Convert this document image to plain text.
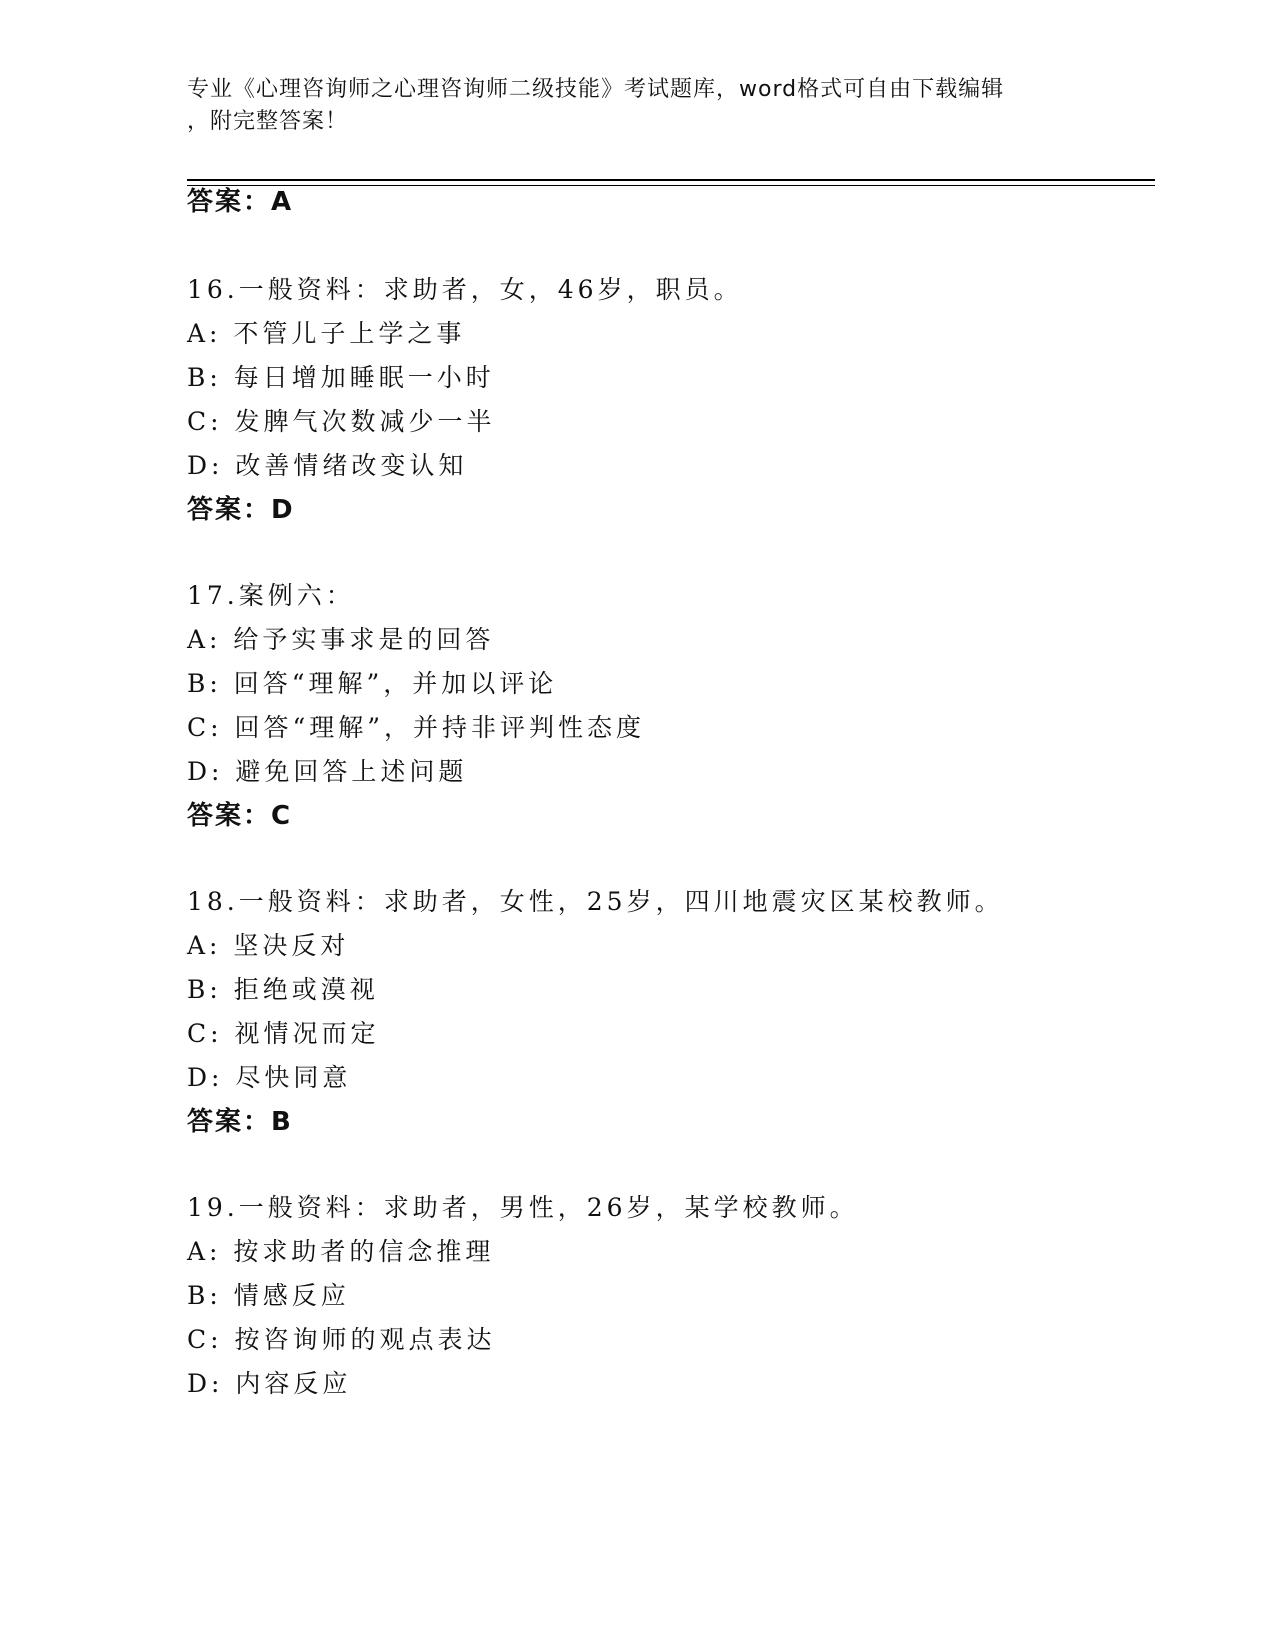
专业《心理咨询师之心理咨询师二级技能》考试题库，word格式可自由下载编辑
，附完整答案！
答案：A
16.一般资料：求助者，女，46岁，职员。
A: 不管儿子上学之事
B: 每日增加睡眠一小时
C: 发脾气次数减少一半
D: 改善情绪改变认知
答案：D
17.案例六：
A: 给予实事求是的回答
B: 回答“理解”，并加以评论
C: 回答“理解”，并持非评判性态度
D: 避免回答上述问题
答案：C
18.一般资料：求助者，女性，25岁，四川地震灾区某校教师。
A: 坚决反对
B: 拒绝或漠视
C: 视情况而定
D: 尽快同意
答案：B
19.一般资料：求助者，男性，26岁，某学校教师。
A: 按求助者的信念推理
B: 情感反应
C: 按咨询师的观点表达
D: 内容反应
